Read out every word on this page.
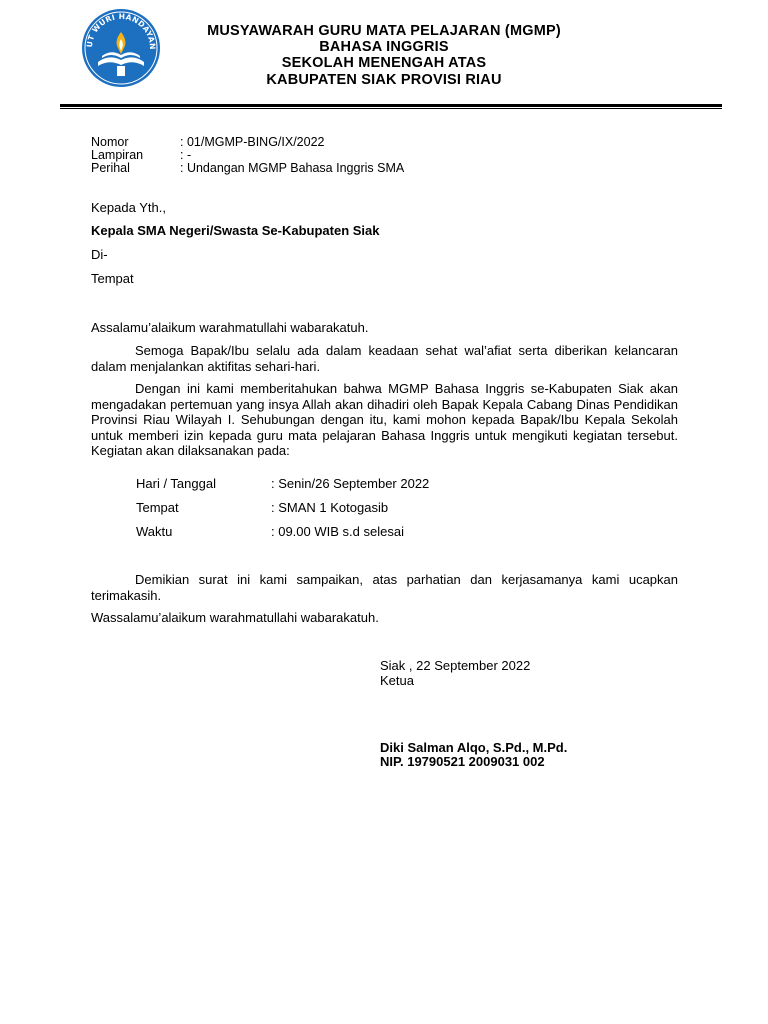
UT WURI HANDAYAN
MUSYAWARAH GURU MATA PELAJARAN (MGMP)
BAHASA INGGRIS
SEKOLAH MENENGAH ATAS
KABUPATEN SIAK PROVISI RIAU
Nomor	: 01/MGMP-BING/IX/2022
Lampiran	: -
Perihal	: Undangan MGMP Bahasa Inggris SMA
Kepada Yth.,
Kepala SMA Negeri/Swasta Se-Kabupaten Siak
Di-
Tempat
Assalamu’alaikum warahmatullahi wabarakatuh.
Semoga Bapak/Ibu selalu ada dalam keadaan sehat wal’afiat serta diberikan kelancaran dalam menjalankan aktifitas sehari-hari.
Dengan ini kami memberitahukan bahwa MGMP Bahasa Inggris se-Kabupaten Siak akan mengadakan pertemuan yang insya Allah akan dihadiri oleh Bapak Kepala Cabang Dinas Pendidikan Provinsi Riau Wilayah I. Sehubungan dengan itu, kami mohon kepada Bapak/Ibu Kepala Sekolah untuk memberi izin kepada guru mata pelajaran Bahasa Inggris untuk mengikuti kegiatan tersebut. Kegiatan akan dilaksanakan pada:
Hari / Tanggal	: Senin/26 September 2022
Tempat	: SMAN 1 Kotogasib
Waktu	: 09.00 WIB s.d selesai
Demikian surat ini kami sampaikan, atas parhatian dan kerjasamanya kami ucapkan terimakasih.
Wassalamu’alaikum warahmatullahi wabarakatuh.
Siak , 22 September 2022
Ketua
Diki Salman Alqo, S.Pd., M.Pd.
NIP. 19790521 2009031 002
